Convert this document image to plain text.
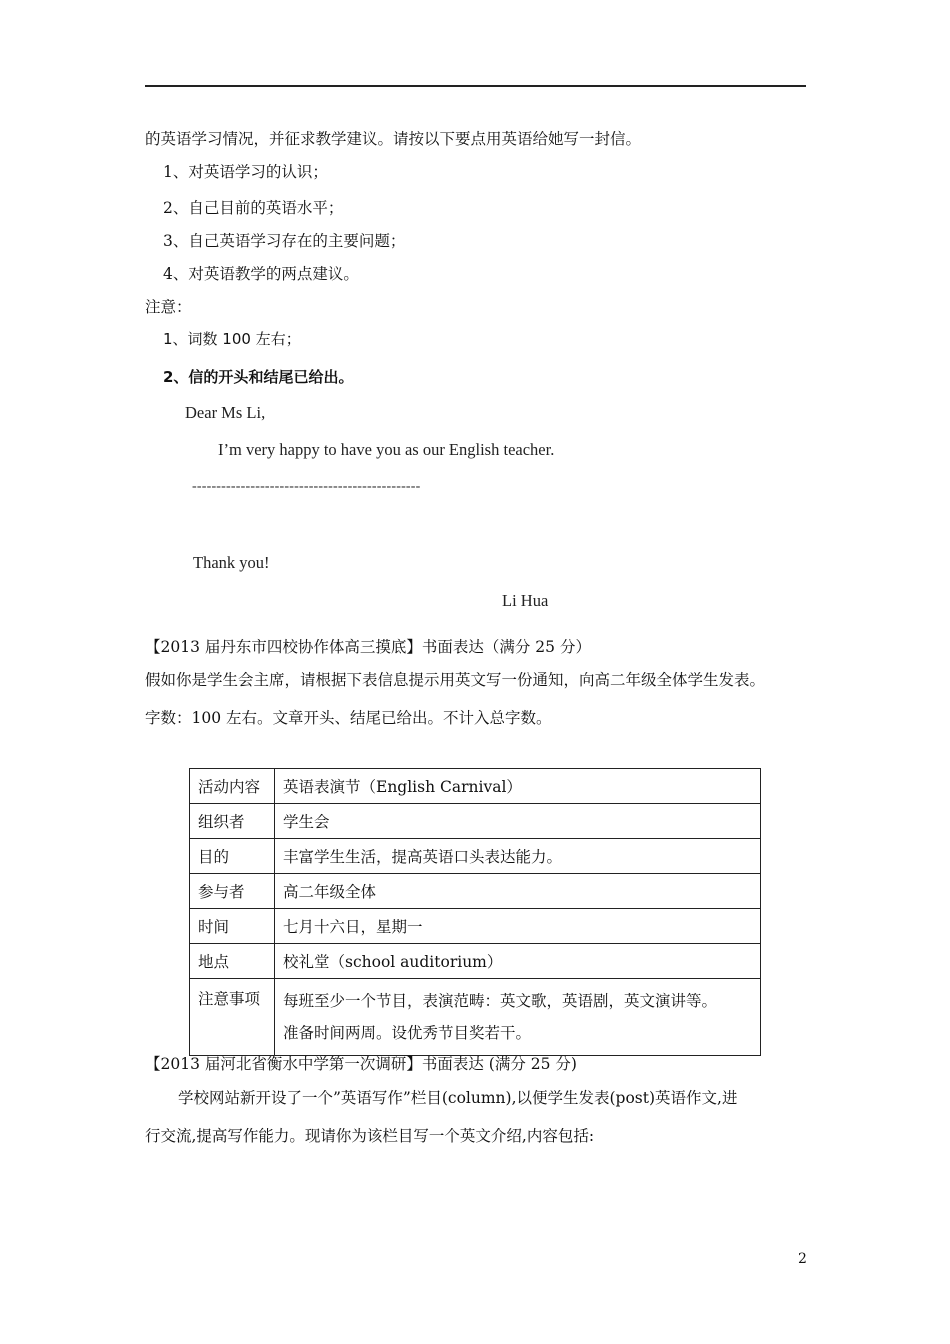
的英语学习情况，并征求教学建议。请按以下要点用英语给她写一封信。
1、对英语学习的认识；
2、自己目前的英语水平；
3、自己英语学习存在的主要问题；
4、对英语教学的两点建议。
注意：
1、词数 100 左右；
2、信的开头和结尾已给出。
Dear Ms Li,
I’m very happy to have you as our English teacher.
-----------------------------------------------
Thank you!
Li Hua
【2013 届丹东市四校协作体高三摸底】书面表达（满分 25 分）
假如你是学生会主席，请根据下表信息提示用英文写一份通知，向高二年级全体学生发表。
字数：100 左右。文章开头、结尾已给出。不计入总字数。
活动内容	英语表演节（English Carnival）
组织者	学生会
目的	丰富学生生活，提高英语口头表达能力。
参与者	高二年级全体
时间	七月十六日，星期一
地点	校礼堂（school auditorium）
注意事项	每班至少一个节目，表演范畴：英文歌，英语剧，英文演讲等。
准备时间两周。设优秀节目奖若干。
【2013 届河北省衡水中学第一次调研】书面表达 (满分 25 分)
学校网站新开设了一个”英语写作”栏目(column),以便学生发表(post)英语作文,进
行交流,提高写作能力。现请你为该栏目写一个英文介绍,内容包括:
2
